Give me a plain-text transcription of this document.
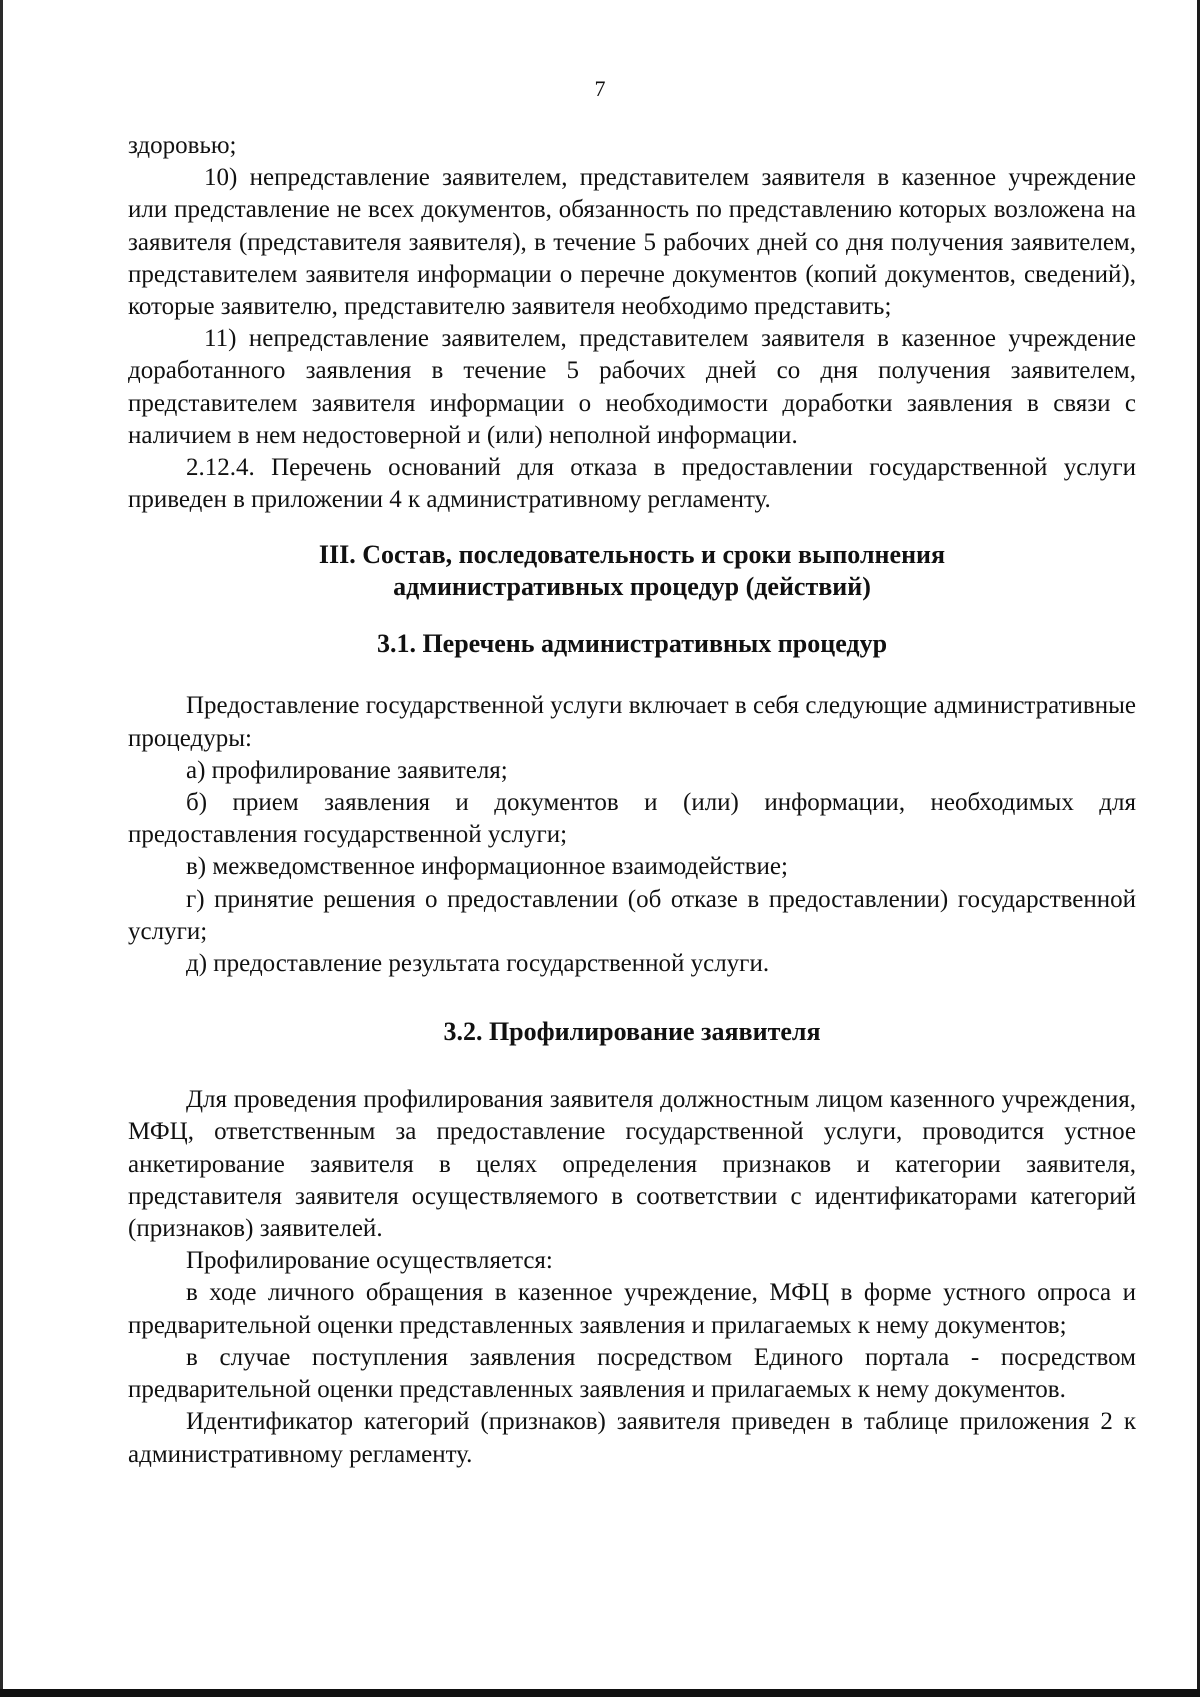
7

здоровью;

10) непредставление заявителем, представителем заявителя в казенное учреждение или представление не всех документов, обязанность по представлению которых возложена на заявителя (представителя заявителя), в течение 5 рабочих дней со дня получения заявителем, представителем заявителя информации о перечне документов (копий документов, сведений), которые заявителю, представителю заявителя необходимо представить;

11) непредставление заявителем, представителем заявителя в казенное учреждение доработанного заявления в течение 5 рабочих дней со дня получения заявителем, представителем заявителя информации о необходимости доработки заявления в связи с наличием в нем недостоверной и (или) неполной информации.

2.12.4. Перечень оснований для отказа в предоставлении государственной услуги приведен в приложении 4 к административному регламенту.

III. Состав, последовательность и сроки выполнения
административных процедур (действий)
3.1. Перечень административных процедур

Предоставление государственной услуги включает в себя следующие административные процедуры:

а) профилирование заявителя;

б) прием заявления и документов и (или) информации, необходимых для предоставления государственной услуги;

в) межведомственное информационное взаимодействие;

г) принятие решения о предоставлении (об отказе в предоставлении) государственной услуги;

д) предоставление результата государственной услуги.

3.2. Профилирование заявителя

Для проведения профилирования заявителя должностным лицом казенного учреждения, МФЦ, ответственным за предоставление государственной услуги, проводится устное анкетирование заявителя в целях определения признаков и категории заявителя, представителя заявителя осуществляемого в соответствии с идентификаторами категорий (признаков) заявителей.

Профилирование осуществляется:

в ходе личного обращения в казенное учреждение, МФЦ в форме устного опроса и предварительной оценки представленных заявления и прилагаемых к нему документов;

в случае поступления заявления посредством Единого портала - посредством предварительной оценки представленных заявления и прилагаемых к нему документов.

Идентификатор категорий (признаков) заявителя приведен в таблице приложения 2 к административному регламенту.
